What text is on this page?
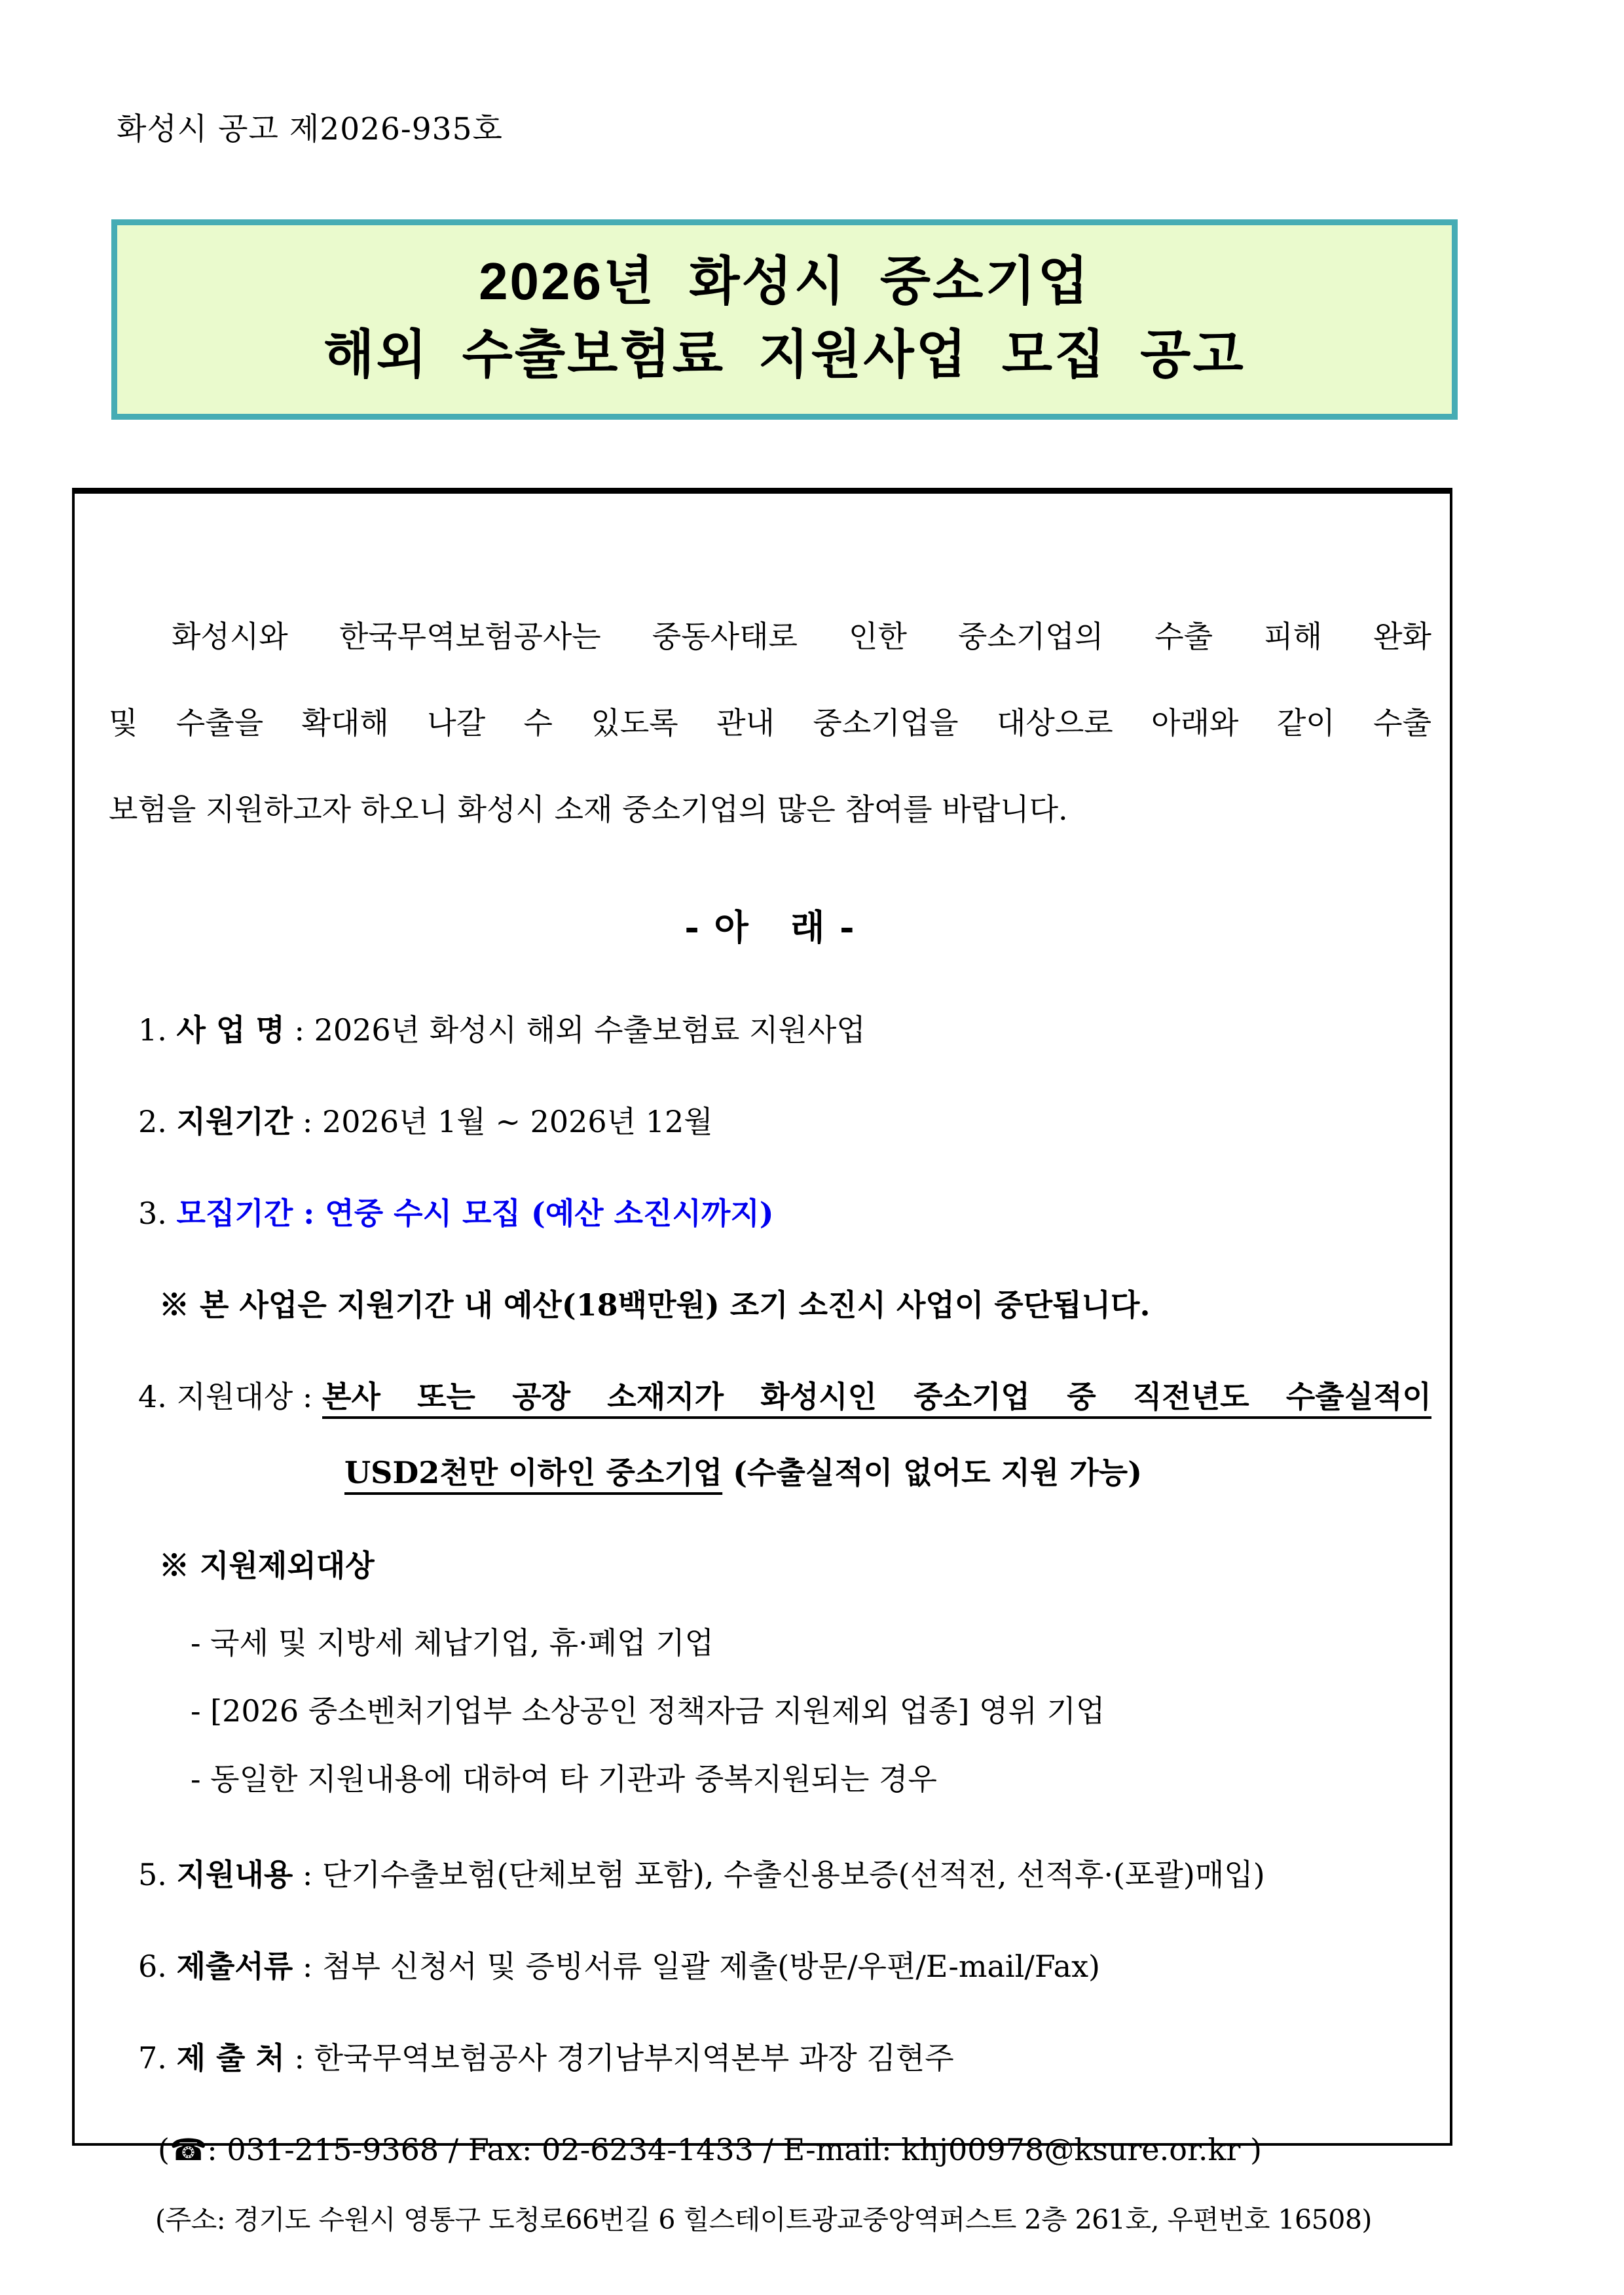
화성시 공고 제2026-935호
2026년 화성시 중소기업
해외 수출보험료 지원사업 모집 공고
화성시와 한국무역보험공사는 중동사태로 인한 중소기업의 수출 피해 완화
및 수출을 확대해 나갈 수 있도록 관내 중소기업을 대상으로 아래와 같이 수출
보험을 지원하고자 하오니 화성시 소재 중소기업의 많은 참여를 바랍니다.
- 아   래 -
1. 사 업 명 : 2026년 화성시 해외 수출보험료 지원사업
2. 지원기간 : 2026년 1월 ~ 2026년 12월
3. 모집기간 : 연중 수시 모집 (예산 소진시까지)
※ 본 사업은 지원기간 내 예산(18백만원) 조기 소진시 사업이 중단됩니다.
4. 지원대상 : 본사 또는 공장 소재지가 화성시인 중소기업 중 직전년도 수출실적이
USD2천만 이하인 중소기업 (수출실적이 없어도 지원 가능)
※ 지원제외대상
- 국세 및 지방세 체납기업, 휴·폐업 기업
- [2026 중소벤처기업부 소상공인 정책자금 지원제외 업종] 영위 기업
- 동일한 지원내용에 대하여 타 기관과 중복지원되는 경우
5. 지원내용 : 단기수출보험(단체보험 포함), 수출신용보증(선적전, 선적후·(포괄)매입)
6. 제출서류 : 첨부 신청서 및 증빙서류 일괄 제출(방문/우편/E-mail/Fax)
7. 제 출 처 : 한국무역보험공사 경기남부지역본부 과장 김현주
(☎: 031-215-9368 / Fax: 02-6234-1433 / E-mail: khj00978@ksure.or.kr )
(주소: 경기도 수원시 영통구 도청로66번길 6 힐스테이트광교중앙역퍼스트 2층 261호, 우편번호 16508)
